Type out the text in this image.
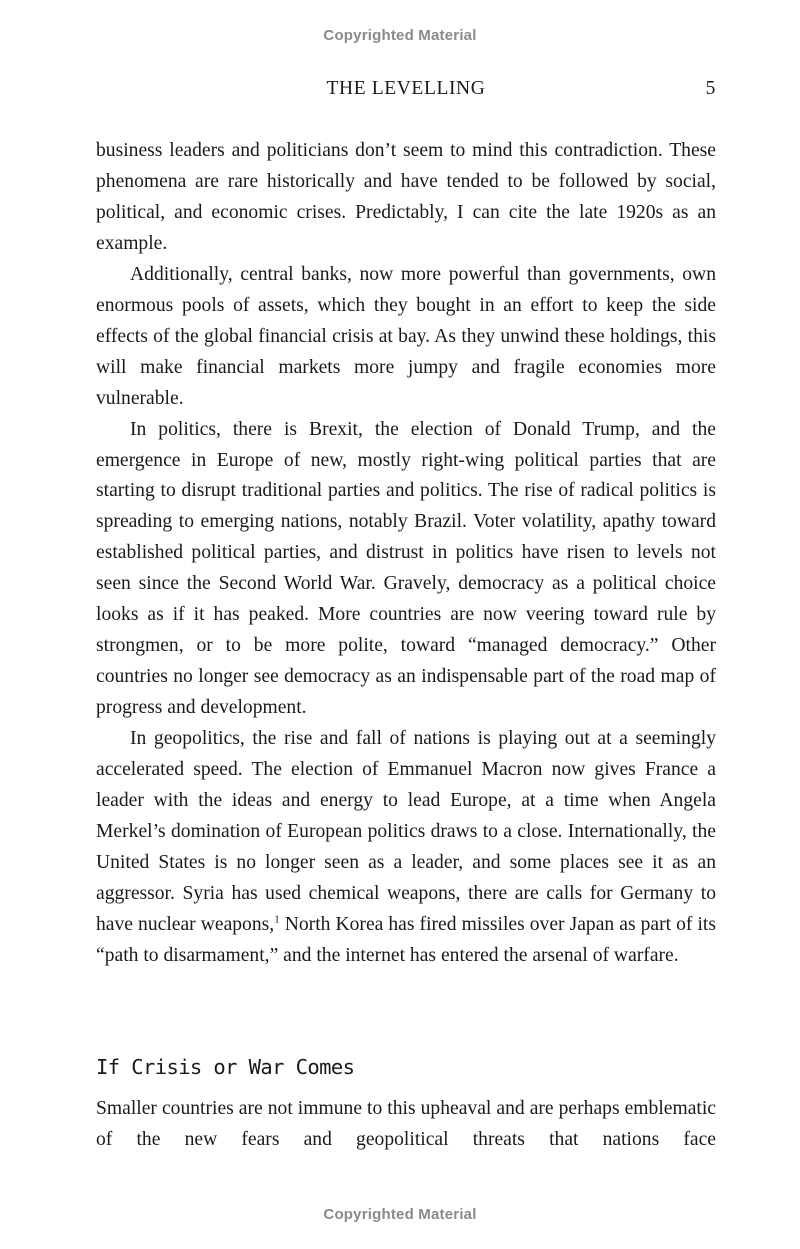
Copyrighted Material
THE LEVELLING	5

business leaders and politicians don’t seem to mind this contradiction. These phenomena are rare historically and have tended to be followed by social, political, and economic crises. Predictably, I can cite the late 1920s as an example.

Additionally, central banks, now more powerful than governments, own enormous pools of assets, which they bought in an effort to keep the side effects of the global financial crisis at bay. As they unwind these holdings, this will make financial markets more jumpy and fragile economies more vulnerable.

In politics, there is Brexit, the election of Donald Trump, and the emergence in Europe of new, mostly right-wing political parties that are starting to disrupt traditional parties and politics. The rise of radical politics is spreading to emerging nations, notably Brazil. Voter volatility, apathy toward established political parties, and distrust in politics have risen to levels not seen since the Second World War. Gravely, democracy as a political choice looks as if it has peaked. More countries are now veering toward rule by strongmen, or to be more polite, toward “managed democracy.” Other countries no longer see democracy as an indispensable part of the road map of progress and development.

In geopolitics, the rise and fall of nations is playing out at a seemingly accelerated speed. The election of Emmanuel Macron now gives France a leader with the ideas and energy to lead Europe, at a time when Angela Merkel’s domination of European politics draws to a close. Internationally, the United States is no longer seen as a leader, and some places see it as an aggressor. Syria has used chemical weapons, there are calls for Germany to have nuclear weapons,$^1$ North Korea has fired missiles over Japan as part of its “path to disarmament,” and the internet has entered the arsenal of warfare.

If Crisis or War Comes

Smaller countries are not immune to this upheaval and are perhaps emblematic of the new fears and geopolitical threats that nations face

Copyrighted Material
